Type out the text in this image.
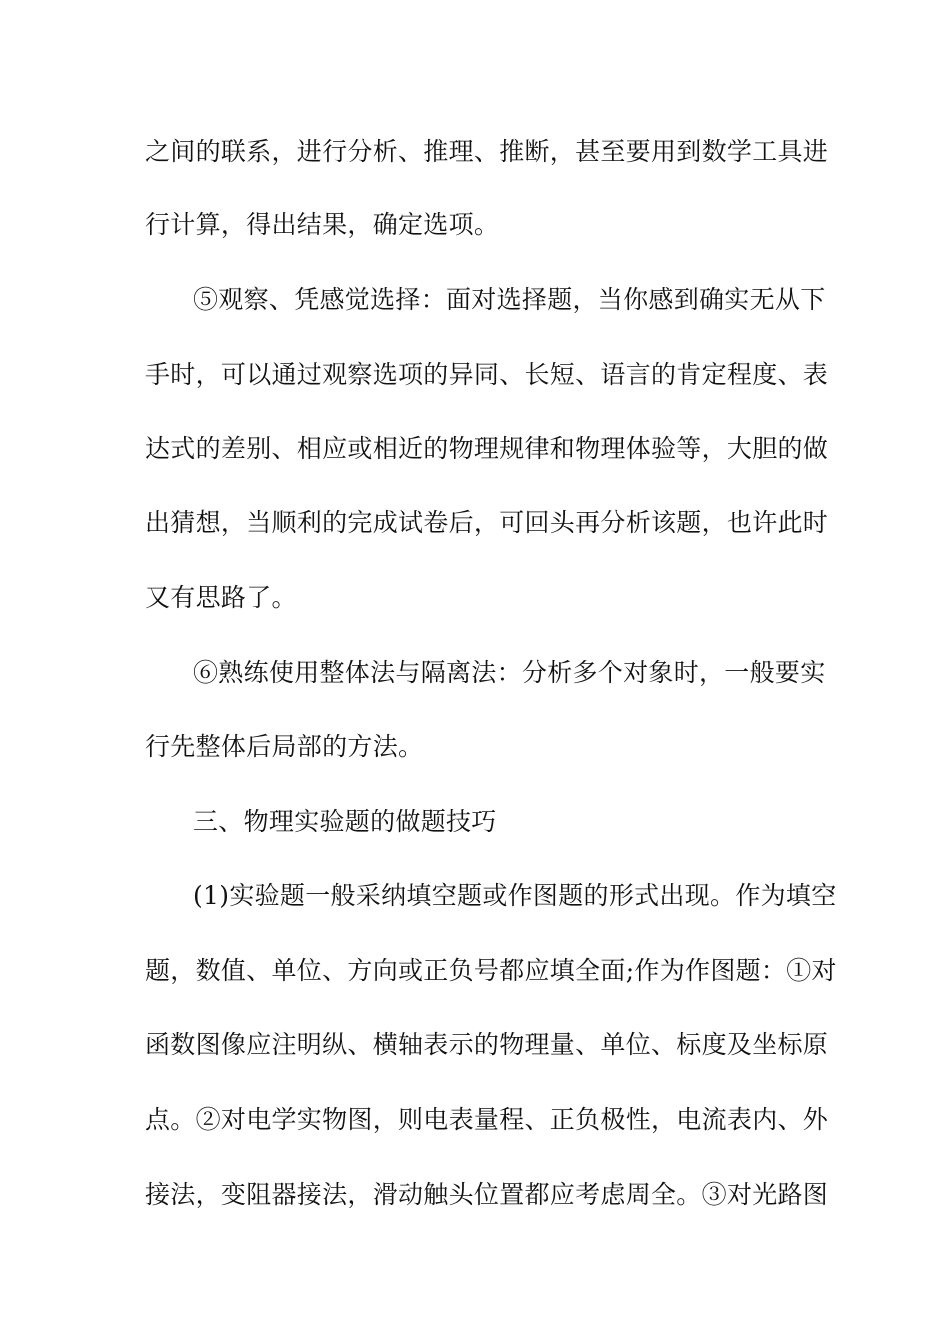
之间的联系，进行分析、推理、推断，甚至要用到数学工具进
行计算，得出结果，确定选项。
⑤观察、凭感觉选择：面对选择题，当你感到确实无从下
手时，可以通过观察选项的异同、长短、语言的肯定程度、表
达式的差别、相应或相近的物理规律和物理体验等，大胆的做
出猜想，当顺利的完成试卷后，可回头再分析该题，也许此时
又有思路了。
⑥熟练使用整体法与隔离法：分析多个对象时，一般要实
行先整体后局部的方法。
三、物理实验题的做题技巧
(1)实验题一般采纳填空题或作图题的形式出现。作为填空
题，数值、单位、方向或正负号都应填全面;作为作图题：①对
函数图像应注明纵、横轴表示的物理量、单位、标度及坐标原
点。②对电学实物图，则电表量程、正负极性，电流表内、外
接法，变阻器接法，滑动触头位置都应考虑周全。③对光路图
